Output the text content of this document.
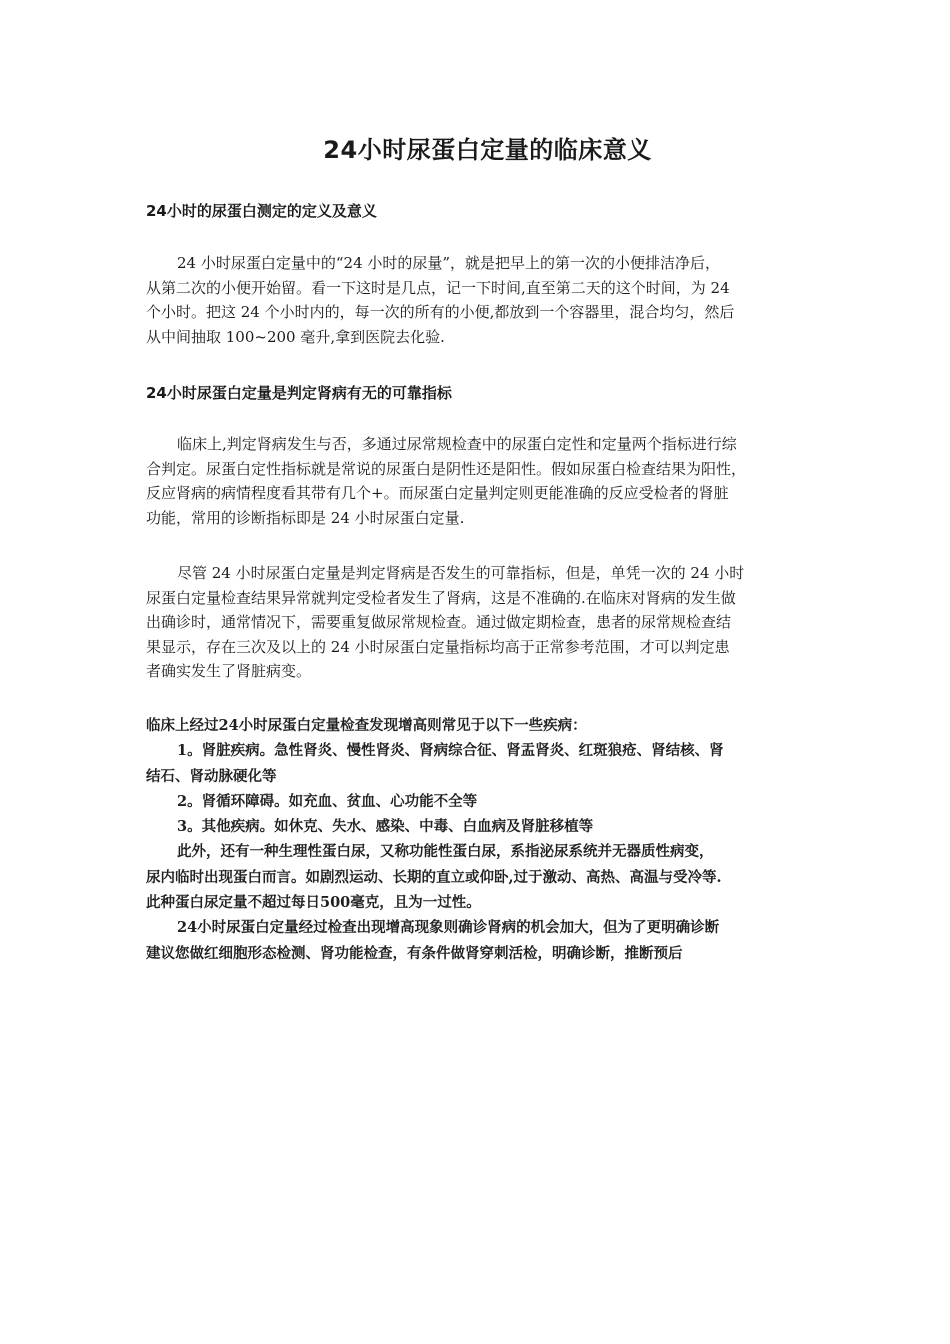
24小时尿蛋白定量的临床意义
24小时的尿蛋白测定的定义及意义
24 小时尿蛋白定量中的“24 小时的尿量”，就是把早上的第一次的小便排洁净后，
从第二次的小便开始留。看一下这时是几点，记一下时间,直至第二天的这个时间，为 24
个小时。把这 24 个小时内的，每一次的所有的小便,都放到一个容器里，混合均匀，然后
从中间抽取 100~200 毫升,拿到医院去化验.
24小时尿蛋白定量是判定肾病有无的可靠指标
临床上,判定肾病发生与否，多通过尿常规检查中的尿蛋白定性和定量两个指标进行综
合判定。尿蛋白定性指标就是常说的尿蛋白是阴性还是阳性。假如尿蛋白检查结果为阳性，
反应肾病的病情程度看其带有几个+。而尿蛋白定量判定则更能准确的反应受检者的肾脏
功能，常用的诊断指标即是 24 小时尿蛋白定量.
尽管 24 小时尿蛋白定量是判定肾病是否发生的可靠指标，但是，单凭一次的 24 小时
尿蛋白定量检查结果异常就判定受检者发生了肾病，这是不准确的.在临床对肾病的发生做
出确诊时，通常情况下，需要重复做尿常规检查。通过做定期检查，患者的尿常规检查结
果显示，存在三次及以上的 24 小时尿蛋白定量指标均高于正常参考范围，才可以判定患
者确实发生了肾脏病变。
临床上经过24小时尿蛋白定量检查发现增高则常见于以下一些疾病：
1。肾脏疾病。急性肾炎、慢性肾炎、肾病综合征、肾盂肾炎、红斑狼疮、肾结核、肾
结石、肾动脉硬化等
2。肾循环障碍。如充血、贫血、心功能不全等
3。其他疾病。如休克、失水、感染、中毒、白血病及肾脏移植等
此外，还有一种生理性蛋白尿，又称功能性蛋白尿，系指泌尿系统并无器质性病变，
尿内临时出现蛋白而言。如剧烈运动、长期的直立或仰卧,过于激动、高热、高温与受冷等.
此种蛋白尿定量不超过每日500毫克，且为一过性。
24小时尿蛋白定量经过检查出现增高现象则确诊肾病的机会加大，但为了更明确诊断
建议您做红细胞形态检测、肾功能检查，有条件做肾穿刺活检，明确诊断，推断预后
